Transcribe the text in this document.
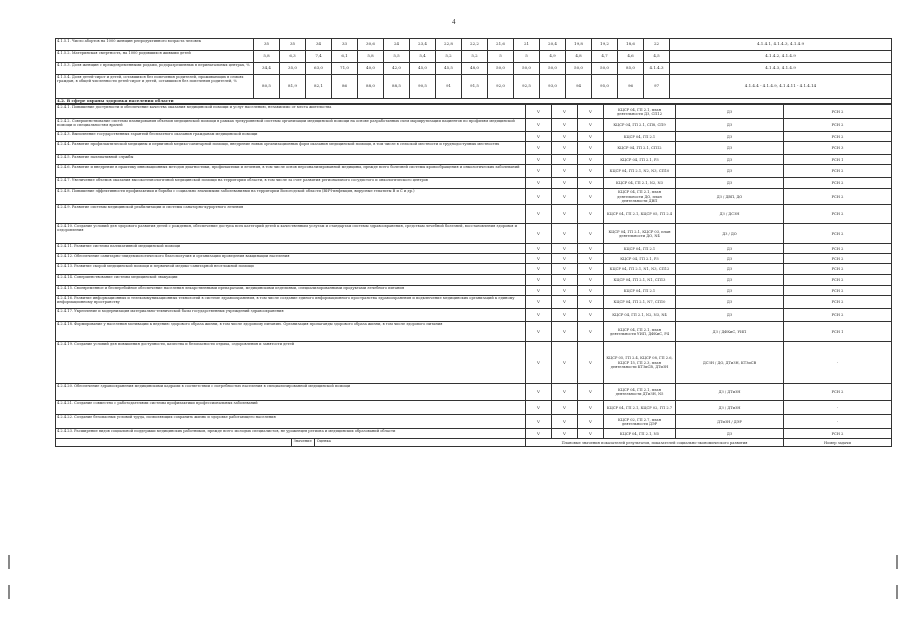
4
4.1.5.1. Число абортов на 1000 женщин репродуктивного возраста человек	35	35	34	33	30,6	24	23,4	22,8	22,2	21,6	21	20,4	19,8	19,2	18,6	22	4.1.4.1, 4.1.4.3, 4.1.4.9
4.1.5.2. Материнская смертность, на 1000 родившихся живыми детей	5,8	6,3	7,4	6,1	5,8	5,5	5,4	5,2	5,2	5	5	4,9	4,8	4,7	4,6	4,5	4.1.4.2, 4.1.4.9
4.1.5.3. Доля женщин с преждевременными родами, родоразрешенных в перинатальных центрах, %	34,4	35,0	63,0	71,0	40,0	42,0	45,0	45,5	48,0	50,0	50,0	50,0	50,0	50,0	85,0	4.1.4.3	4.1.4.3, 4.1.4.9
4.1.5.4. Доля детей-сирот и детей, оставшихся без попечения родителей, проживающих в семьях граждан, в общей численности детей-сирот и детей, оставшихся без попечения родителей, %	80,5	81,9	82,1	86	88,0	88,5	90,5	91	91,5	92,0	92,5	93,0	94	95,0	96	97	4.1.4.4 - 4.1.4.9, 4.1.4.11 - 4.1.4.14
4.2. В сфере охраны здоровья населения области																	
4.2.4.1. Повышение доступности и обеспечение качества оказания медицинской помощи и услуг населению, независимо от места жительства	V	V	V	КЦСР 04, ГП 2.1, план деятельности ДЗ, СП12	ДЗ	РСН 2
4.2.4.2. Совершенствование системы планирования объемов медицинской помощи в рамках трехуровневой системы организации медицинской помощи на основе разработанных схем маршрутизации пациентов по профилям медицинской помощи и специальностям врачей	V	V	V	КЦСР 04, ГП 2.1, СП8, СП9	ДЗ	РСН 2
4.2.4.3. Выполнение государственных гарантий бесплатного оказания гражданам медицинской помощи	V	V	V	КЦСР 04, ГП 2.1	ДЗ	РСН 2
4.2.4.4. Развитие профилактической медицины и первичной медико-санитарной помощи, внедрение новых организационных форм оказания медицинской помощи, в том числе в сельской местности и труднодоступных местностях	V	V	V	КЦСР 04, ГП 2.1, СП12	ДЗ	РСН 3
4.2.4.5. Развитие паллиативной службы	V	V	V	КЦСР 04, ГП 2.1, Р3	ДЗ	РСН 1
4.2.4.6. Развитие и внедрение в практику инновационных методов диагностики, профилактики и лечения, в том числе основ персонализированной медицины, прежде всего болезней системы кровообращения и онкологических заболеваний	V	V	V	КЦСР 04, ГП 2.1, N2, N3, СП10	ДЗ	РСН 2
4.2.4.7. Увеличение объемов оказания высокотехнологичной медицинской помощи на территории области, в том числе за счет развития регионального сосудистого и онкологического центров	V	V	V	КЦСР 04, ГП 2.1, N2, N3	ДЗ	РСН 2
4.2.4.8. Повышение эффективности профилактики и борьбы с социально значимыми заболеваниями на территории Вологодской области (ВИЧ-инфекция, вирусные гепатиты В и С и др.)	V	V	V	КЦСР 04, ГП 2.1, план деятельности ДО, план деятельности ДВП	ДЗ / ДВП, ДО	РСН 2
4.2.4.9. Развитие системы медицинской реабилитации и системы санаторно-курортного лечения	V	V	V	КЦСР 04, ГП 2.1, КЦСР 05, ГП 2.4	ДЗ / ДСЗН	РСН 2
4.2.4.10. Создание условий для здорового развития детей с рождения, обеспечение доступа всех категорий детей к качественным услугам и стандартам системы здравоохранения, средствам лечебной болезней, восстановления здоровья и оздоровления	V	V	V	КЦСР 04, ГП 2.1, КЦСР 03, план деятельности ДО, N4	ДЗ / ДО	РСН 2
4.2.4.11. Развитие системы паллиативной медицинской помощи	V	V	V	КЦСР 04, ГП 2.1	ДЗ	РСН 2
4.2.4.12. Обеспечение санитарно-эпидемиологического благополучия и организации проведения вакцинации населения	V	V	V	КЦСР 04, ГП 2.1, Р3	ДЗ	РСН 2
4.2.4.13. Развитие скорой медицинской помощи и первичной медико-санитарной неотложной помощи	V	V	V	КЦСР 04, ГП 2.1, N1, N3, СП12	ДЗ	РСН 2
4.2.4.14. Совершенствование системы медицинской эвакуации	V	V	V	КЦСР 04, ГП 2.1, N1, СП13	ДЗ	РСН 2
4.2.4.15. Своевременное и бесперебойное обеспечение населения лекарственными препаратами, медицинскими изделиями, специализированными продуктами лечебного питания	V	V	V	КЦСР 04, ГП 2.1	ДЗ	РСН 2
4.2.4.16. Развитие информационных и телекоммуникационных технологий в системе здравоохранения, в том числе создание единого информационного пространства здравоохранения и подключение медицинских организаций к единому информационному пространству	V	V	V	КЦСР 04, ГП 2.1, N7, СП10	ДЗ	РСН 2
4.2.4.17. Укрепление и модернизация материально-технической базы государственных учреждений здравоохранения	V	V	V	КЦСР 04, ГП 2.1, N2, N3, N4	ДЗ	РСН 2
4.2.4.18. Формирование у населения мотивации к ведению здорового образа жизни, в том числе здоровому питанию. Организация пропаганды здорового образа жизни, в том числе здорового питания	V	V	V	КЦСР 04, ГП 2.1, план деятельности УИП, ДФКиС, Р4	ДЗ / ДФКиС, УИП	РСН 1
4.2.4.19. Создание условий для повышения доступности, качества и безопасности отдыха, оздоровления и занятости детей	V	V	V	КЦСР 05, ГП 2.4, КЦСР 08, ГП 2.6, КЦСР 15, ГП 2.3, план деятельности КТЗиСВ, ДТиЗН	ДСЗН / ДО, ДТиЗН, КТЗиСВ	-
4.2.4.20. Обеспечение здравоохранения медицинскими кадрами в соответствии с потребностью населения в специализированной медицинской помощи	V	V	V	КЦСР 04, ГП 2.1, план деятельности ДТиЗН, N5	ДЗ / ДТиЗН	РСН 2
4.2.4.21. Создание совместно с работодателями системы профилактики профессиональных заболеваний	V	V	V	КЦСР 04, ГП 2.1, КЦСР 02, ГП 2.7	ДЗ / ДТиЗН	-
4.2.4.22. Создание безопасных условий труда, позволяющих сохранить жизнь и здоровье работающего населения	V	V	V	КЦСР 02, ГП 2.7, план деятельности ДЭР	ДТиЗН / ДЭР	-
4.2.4.23. Расширение видов социальной поддержки медицинских работников, прежде всего молодых специалистов, не уроженцев региона и медицинских образований области	V	V	V	КЦСР 04, ГП 2.1, N5	ДЗ	РСН 2

Значение Оценка	Плановые значения показателей результатов, показателей социально-экономического развития					Номер задачи
